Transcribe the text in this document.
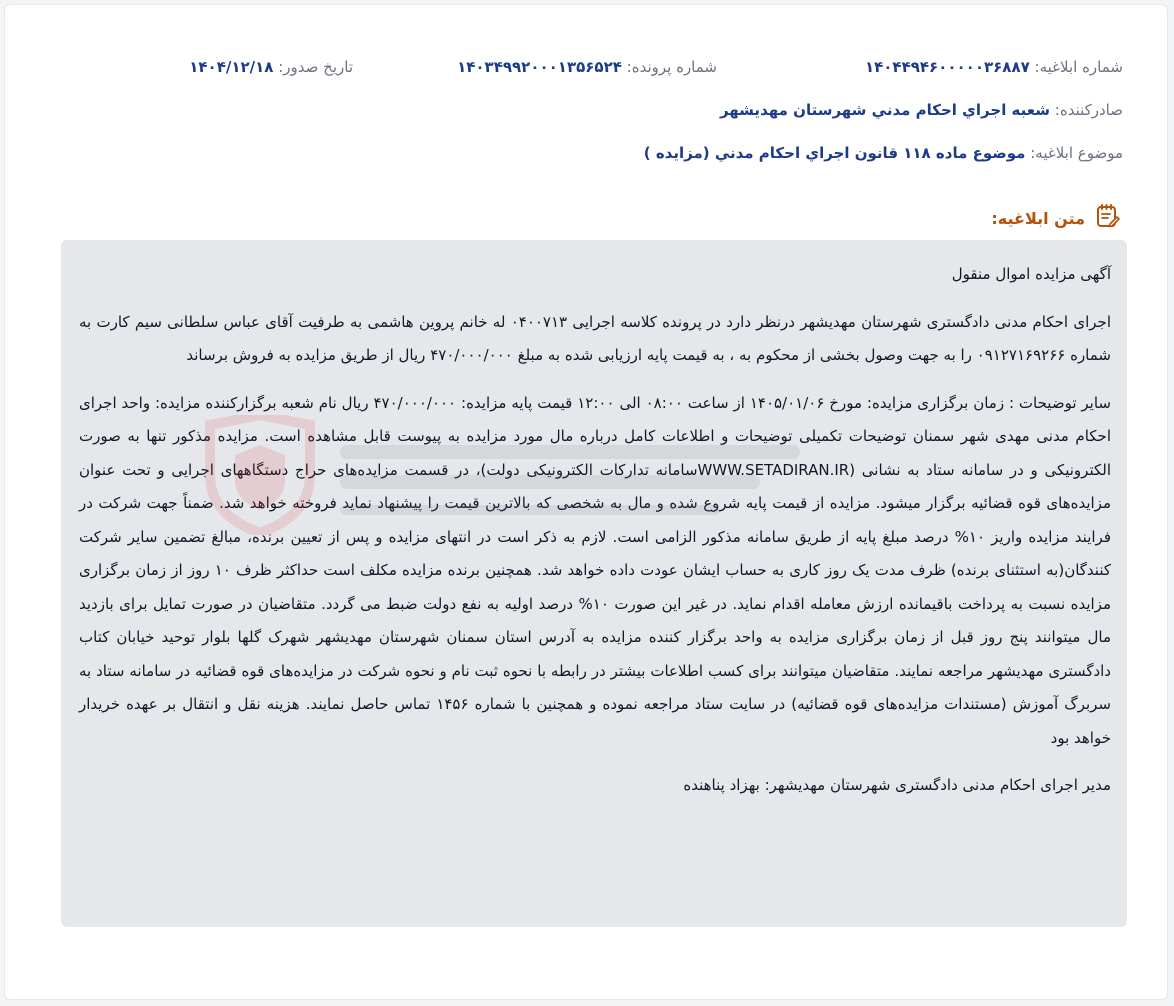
شماره ابلاغیه: ۱۴۰۴۴۹۴۶۰۰۰۰۰۳۶۸۸۷
شماره پرونده: ۱۴۰۳۴۹۹۲۰۰۰۱۳۵۶۵۲۴
تاریخ صدور: ۱۴۰۴/۱۲/۱۸
صادرکننده: شعبه اجراي احكام مدني شهرستان مهديشهر
موضوع ابلاغیه: موضوع ماده ۱۱۸ قانون اجراي احكام مدني (مزايده )
متن ابلاغیه:

آگهی مزایده اموال منقول

اجرای احکام مدنی دادگستری شهرستان مهدیشهر درنظر دارد در پرونده کلاسه اجرایی ۰۴۰۰۷۱۳ له خانم پروین هاشمی به طرفیت آقای عباس سلطانی سیم کارت به شماره ۰۹۱۲۷۱۶۹۲۶۶ را به جهت وصول بخشی از محکوم به ، به قیمت پایه ارزیابی شده به مبلغ ۴۷۰/۰۰۰/۰۰۰ ریال از طریق مزایده به فروش برساند

سایر توضیحات : زمان برگزاری مزایده: مورخ ۱۴۰۵/۰۱/۰۶ از ساعت ۰۸:۰۰ الی ۱۲:۰۰ قیمت پایه مزایده: ۴۷۰/۰۰۰/۰۰۰ ریال نام شعبه برگزارکننده مزایده: واحد اجرای احکام مدنی مهدی شهر سمنان توضیحات تکمیلی توضیحات و اطلاعات کامل درباره مال مورد مزایده به پیوست قابل مشاهده است. مزایده مذکور تنها به صورت الکترونیکی و در سامانه ستاد به نشانی (WWW.SETADIRAN.IRسامانه تدارکات الکترونیکی دولت)، در قسمت مزایده‌های حراج دستگاههای اجرایی و تحت عنوان مزایده‌های قوه قضائیه برگزار میشود. مزایده از قیمت پایه شروع شده و مال به شخصی که بالاترین قیمت را پیشنهاد نماید فروخته خواهد شد. ضمناً جهت شرکت در فرایند مزایده واریز ۱۰% درصد مبلغ پایه از طریق سامانه مذکور الزامی است. لازم به ذکر است در انتهای مزایده و پس از تعیین برنده، مبالغ تضمین سایر شرکت کنندگان(به استثنای برنده) ظرف مدت یک روز کاری به حساب ایشان عودت داده خواهد شد. همچنین برنده مزایده مکلف است حداکثر ظرف ۱۰ روز از زمان برگزاری مزایده نسبت به پرداخت باقیمانده ارزش معامله اقدام نماید. در غیر این صورت ۱۰% درصد اولیه به نفع دولت ضبط می گردد. متقاضیان در صورت تمایل برای بازدید مال میتوانند پنج روز قبل از زمان برگزاری مزایده به واحد برگزار کننده مزایده به آدرس استان سمنان شهرستان مهدیشهر شهرک گلها بلوار توحید خیابان کتاب دادگستری مهدیشهر مراجعه نمایند. متقاضیان میتوانند برای کسب اطلاعات بیشتر در رابطه با نحوه ثبت نام و نحوه شرکت در مزایده‌های قوه قضائیه در سامانه ستاد به سربرگ آموزش (مستندات مزایده‌های قوه قضائیه) در سایت ستاد مراجعه نموده و همچنین با شماره ۱۴۵۶ تماس حاصل نمایند. هزینه نقل و انتقال بر عهده خریدار خواهد بود

مدیر اجرای احکام مدنی دادگستری شهرستان مهدیشهر: بهزاد پناهنده
